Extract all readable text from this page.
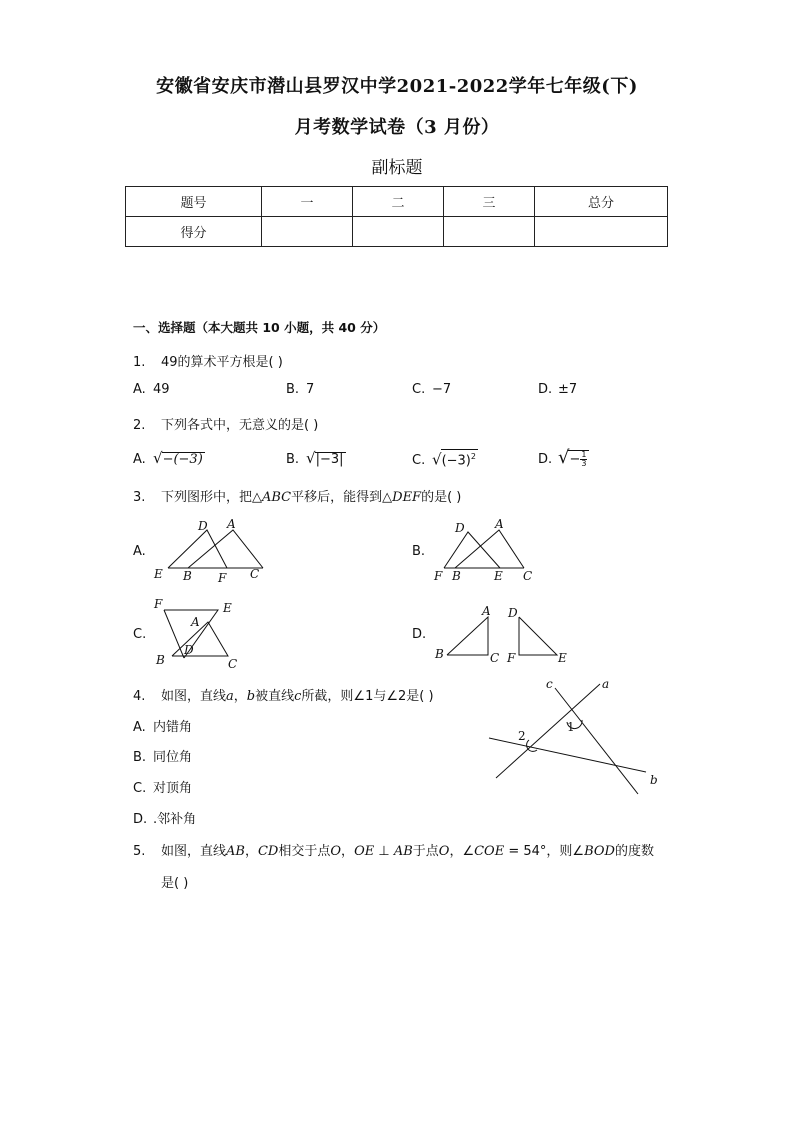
安徽省安庆市潜山县罗汉中学2021-2022学年七年级(下)
月考数学试卷（3 月份）
副标题
题号	一	二	三	总分
得分				
一、选择题（本大题共 10 小题，共 40 分）
1. 49的算术平方根是( )
A. 49	B. 7	C. −7	D. ±7
2. 下列各式中，无意义的是( )
A. √−(−3)	B. √|−3|	C. $√(-3)^2$	D. √− $\frac{1}{3}$
3. 下列图形中，把△ABC平移后，能得到△DEF的是( )
A.
D A
E B F C
B.
D	A
F B	E C
C.
F	E
A
D
B	C
D.
A
B	C
D
F	E
4. 如图，直线a，b被直线c所截，则∠1与∠2是( )
A. 内错角
B. 同位角
C. 对顶角
D. .邻补角
c	a
b
1
2
5. 如图，直线AB，CD相交于点O，OE ⊥ AB于点O，∠COE = 54°，则∠BOD的度数
是( )
